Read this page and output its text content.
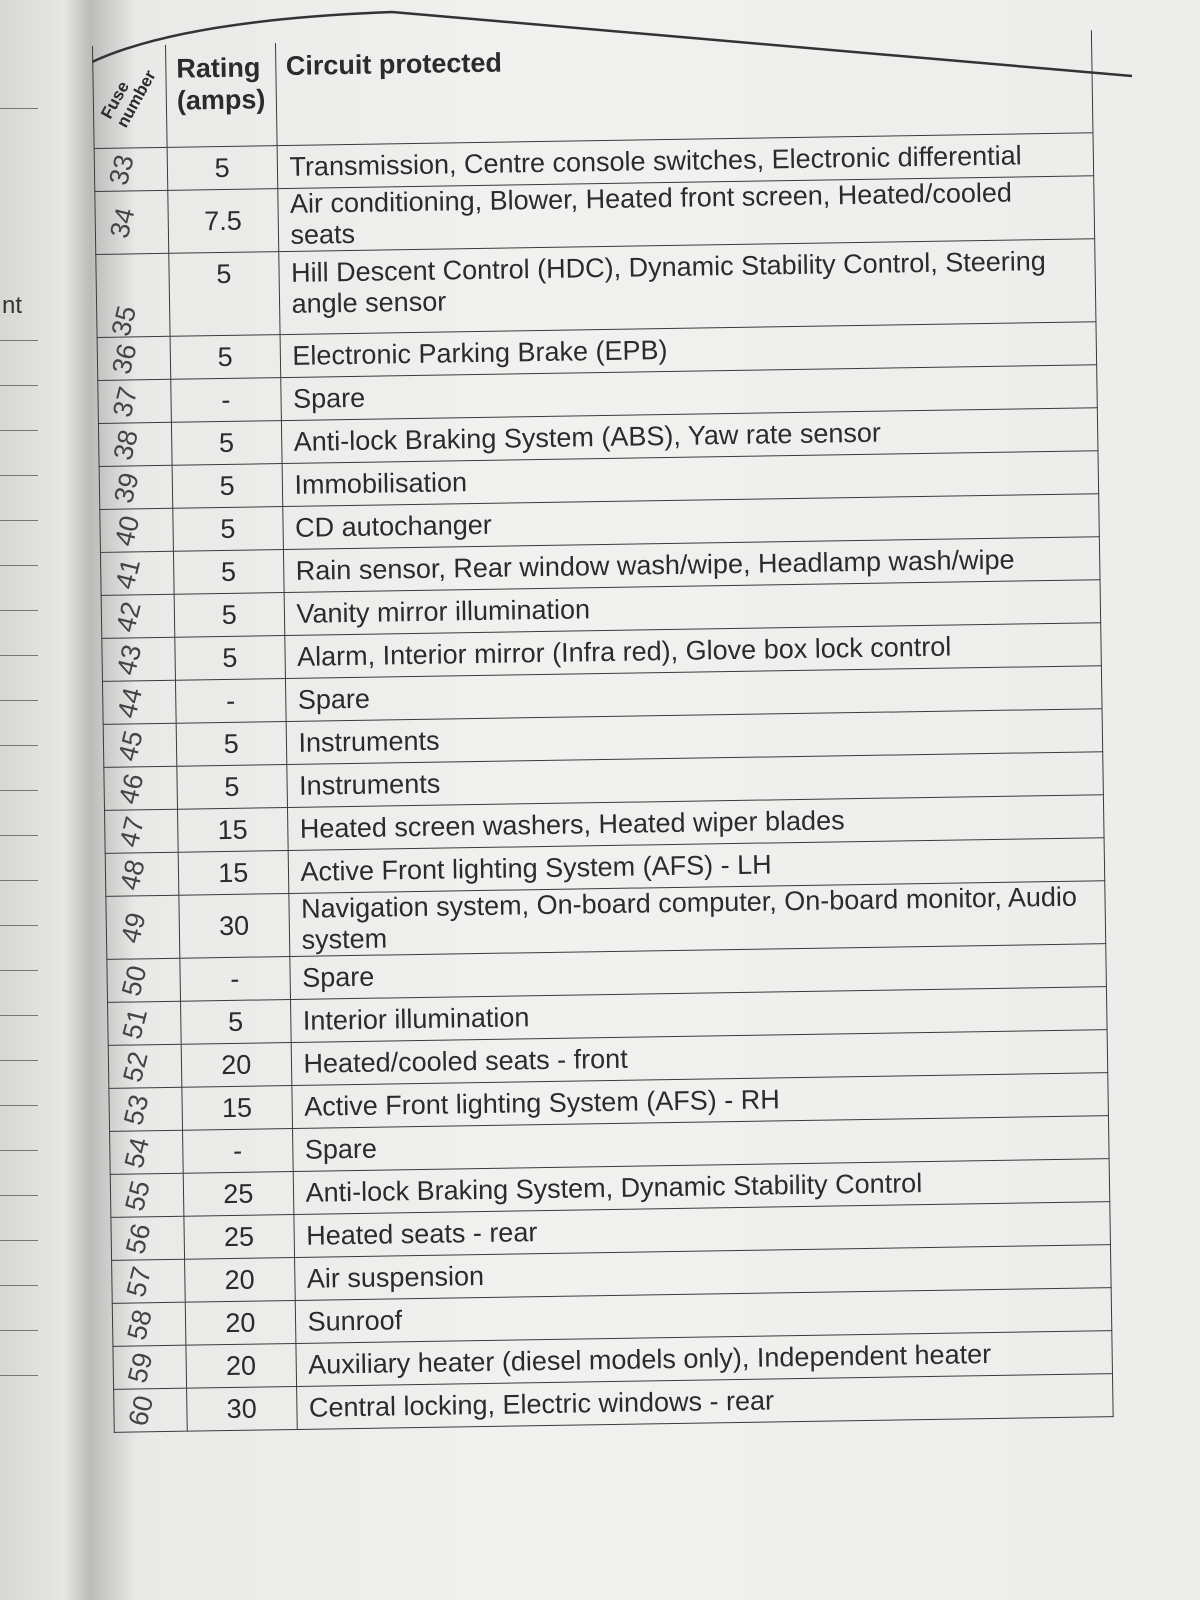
nt
Fuse number	Rating (amps)	Circuit protected
33	5	Transmission, Centre console switches, Electronic differential
34	7.5	Air conditioning, Blower, Heated front screen, Heated/cooled seats
35	5	Hill Descent Control (HDC), Dynamic Stability Control, Steering angle sensor
36	5	Electronic Parking Brake (EPB)
37	-	Spare
38	5	Anti-lock Braking System (ABS), Yaw rate sensor
39	5	Immobilisation
40	5	CD autochanger
41	5	Rain sensor, Rear window wash/wipe, Headlamp wash/wipe
42	5	Vanity mirror illumination
43	5	Alarm, Interior mirror (Infra red), Glove box lock control
44	-	Spare
45	5	Instruments
46	5	Instruments
47	15	Heated screen washers, Heated wiper blades
48	15	Active Front lighting System (AFS) - LH
49	30	Navigation system, On-board computer, On-board monitor, Audio system
50	-	Spare
51	5	Interior illumination
52	20	Heated/cooled seats - front
53	15	Active Front lighting System (AFS) - RH
54	-	Spare
55	25	Anti-lock Braking System, Dynamic Stability Control
56	25	Heated seats - rear
57	20	Air suspension
58	20	Sunroof
59	20	Auxiliary heater (diesel models only), Independent heater
60	30	Central locking, Electric windows - rear
